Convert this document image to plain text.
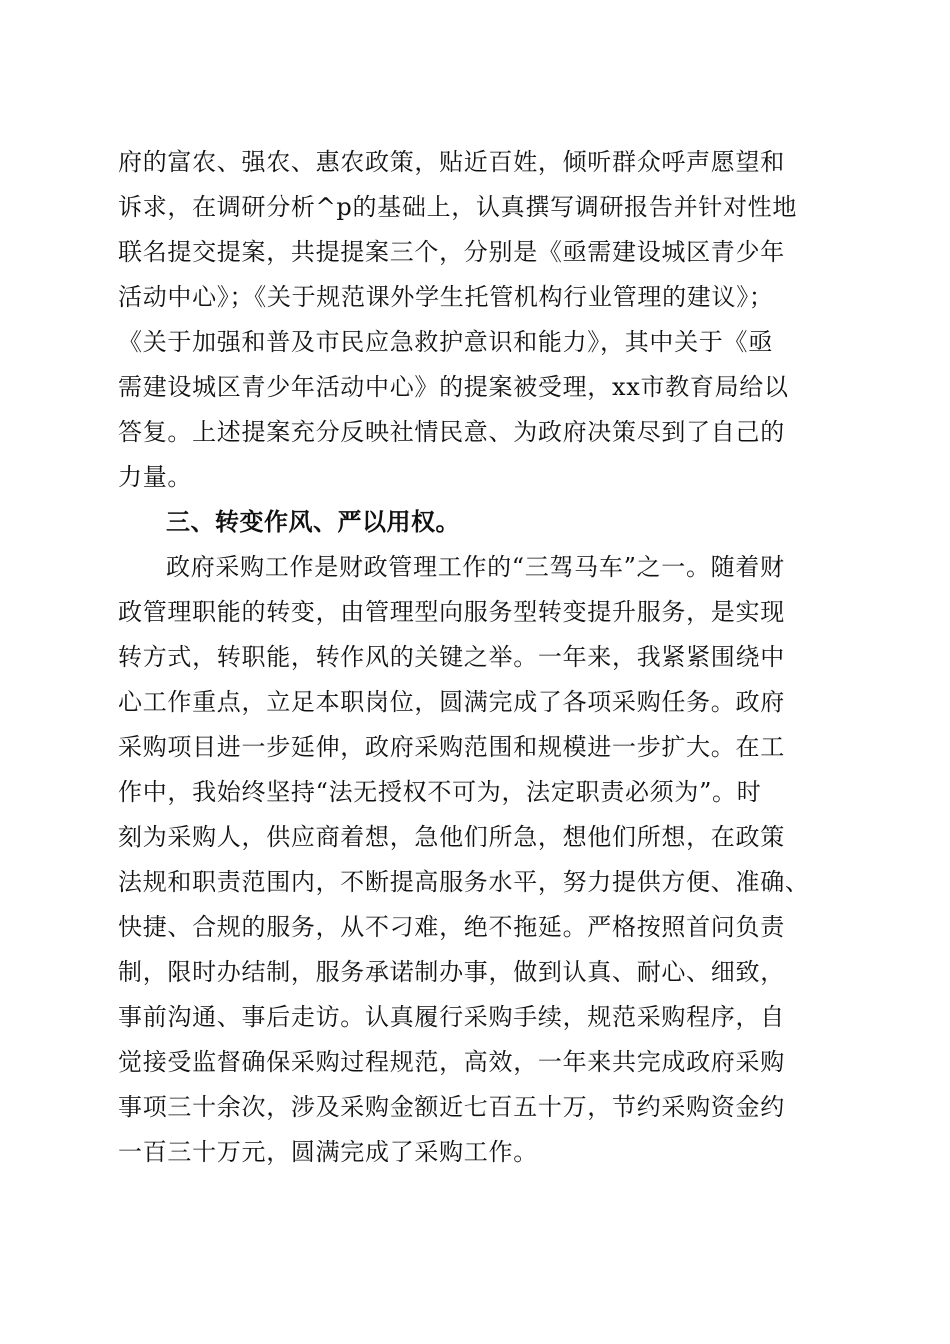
府的富农、强农、惠农政策，贴近百姓，倾听群众呼声愿望和
诉求，在调研分析^p的基础上，认真撰写调研报告并针对性地
联名提交提案，共提提案三个，分别是《亟需建设城区青少年
活动中心》；《关于规范课外学生托管机构行业管理的建议》；
《关于加强和普及市民应急救护意识和能力》，其中关于《亟
需建设城区青少年活动中心》的提案被受理，xx市教育局给以
答复。上述提案充分反映社情民意、为政府决策尽到了自己的
力量。
三、转变作风、严以用权。
政府采购工作是财政管理工作的“三驾马车”之一。随着财
政管理职能的转变，由管理型向服务型转变提升服务，是实现
转方式，转职能，转作风的关键之举。一年来，我紧紧围绕中
心工作重点，立足本职岗位，圆满完成了各项采购任务。政府
采购项目进一步延伸，政府采购范围和规模进一步扩大。在工
作中，我始终坚持“法无授权不可为，法定职责必须为”。时
刻为采购人，供应商着想，急他们所急，想他们所想，在政策
法规和职责范围内，不断提高服务水平，努力提供方便、准确、
快捷、合规的服务，从不刁难，绝不拖延。严格按照首问负责
制，限时办结制，服务承诺制办事，做到认真、耐心、细致，
事前沟通、事后走访。认真履行采购手续，规范采购程序，自
觉接受监督确保采购过程规范，高效，一年来共完成政府采购
事项三十余次，涉及采购金额近七百五十万，节约采购资金约
一百三十万元，圆满完成了采购工作。
